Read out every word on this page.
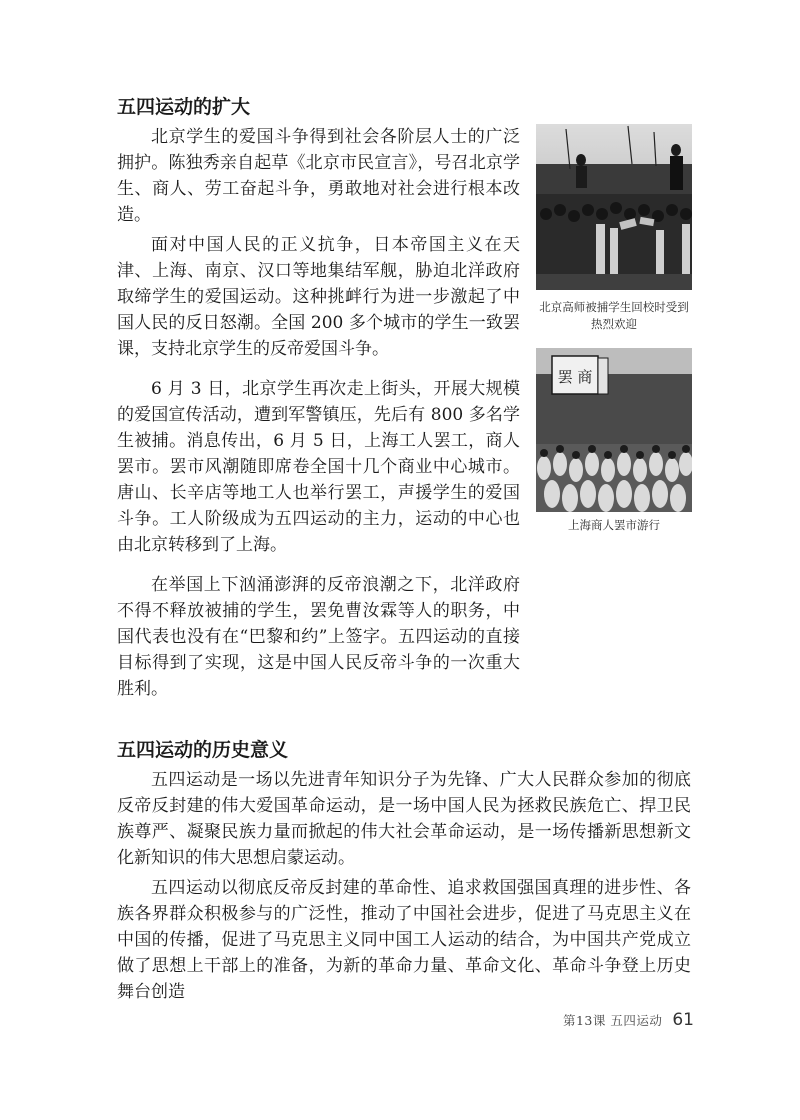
五四运动的扩大

北京学生的爱国斗争得到社会各阶层人士的广泛拥护。陈独秀亲自起草《北京市民宣言》，号召北京学生、商人、劳工奋起斗争，勇敢地对社会进行根本改造。

面对中国人民的正义抗争，日本帝国主义在天津、上海、南京、汉口等地集结军舰，胁迫北洋政府取缔学生的爱国运动。这种挑衅行为进一步激起了中国人民的反日怒潮。全国 200 多个城市的学生一致罢课，支持北京学生的反帝爱国斗争。

6 月 3 日，北京学生再次走上街头，开展大规模的爱国宣传活动，遭到军警镇压，先后有 800 多名学生被捕。消息传出，6 月 5 日，上海工人罢工，商人罢市。罢市风潮随即席卷全国十几个商业中心城市。唐山、长辛店等地工人也举行罢工，声援学生的爱国斗争。工人阶级成为五四运动的主力，运动的中心也由北京转移到了上海。

在举国上下汹涌澎湃的反帝浪潮之下，北洋政府不得不释放被捕的学生，罢免曹汝霖等人的职务，中国代表也没有在“巴黎和约”上签字。五四运动的直接目标得到了实现，这是中国人民反帝斗争的一次重大胜利。

北京高师被捕学生回校时受到热烈欢迎

罢 商

上海商人罢市游行

五四运动的历史意义

五四运动是一场以先进青年知识分子为先锋、广大人民群众参加的彻底反帝反封建的伟大爱国革命运动，是一场中国人民为拯救民族危亡、捍卫民族尊严、凝聚民族力量而掀起的伟大社会革命运动，是一场传播新思想新文化新知识的伟大思想启蒙运动。

五四运动以彻底反帝反封建的革命性、追求救国强国真理的进步性、各族各界群众积极参与的广泛性，推动了中国社会进步，促进了马克思主义在中国的传播，促进了马克思主义同中国工人运动的结合，为中国共产党成立做了思想上干部上的准备，为新的革命力量、革命文化、革命斗争登上历史舞台创造

第13课 五四运动 61
